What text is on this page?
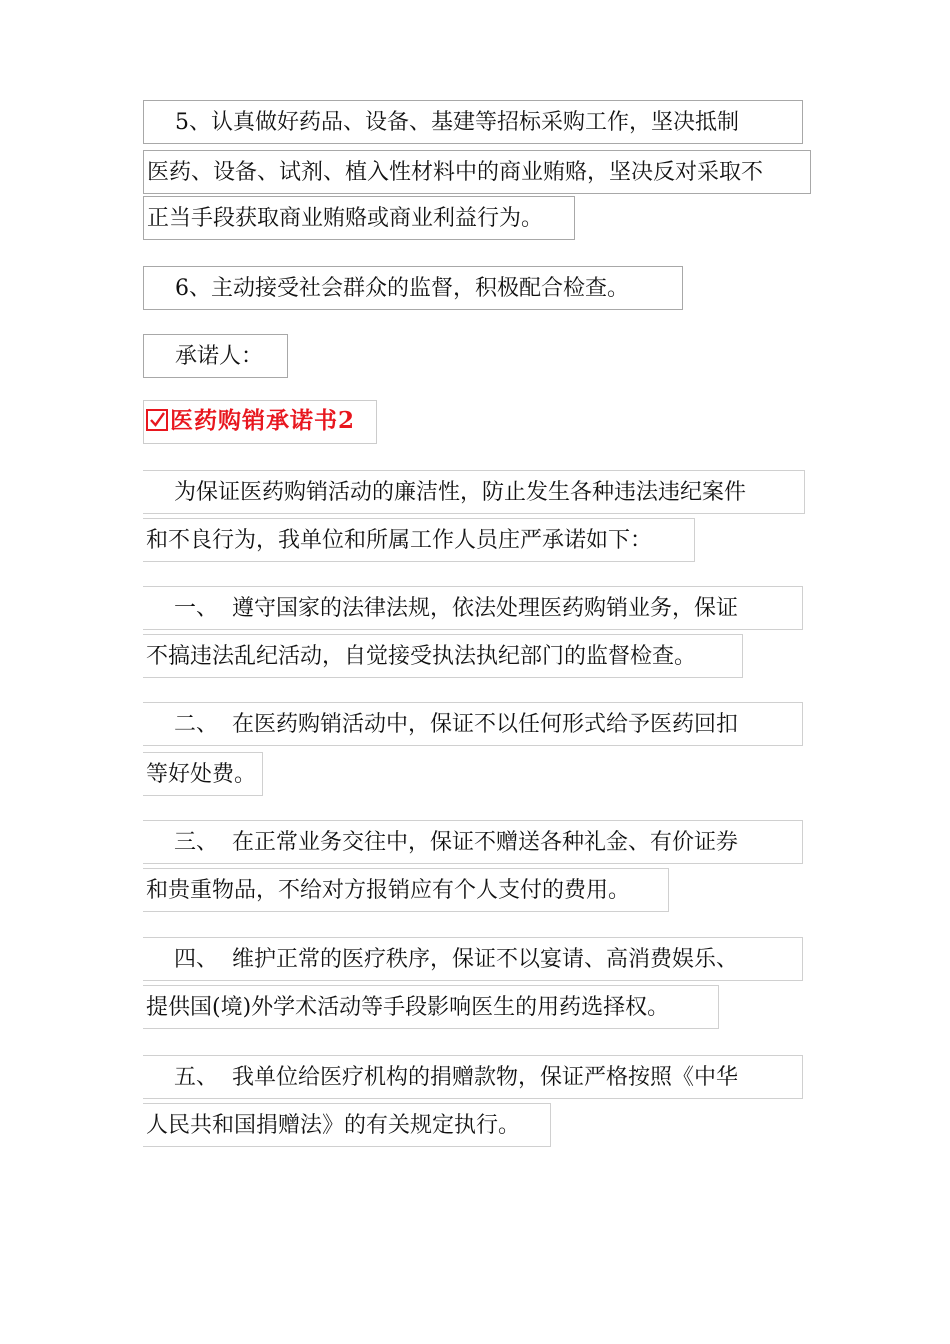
5、认真做好药品、设备、基建等招标采购工作，坚决抵制
医药、设备、试剂、植入性材料中的商业贿赂，坚决反对采取不
正当手段获取商业贿赂或商业利益行为。
6、主动接受社会群众的监督，积极配合检查。
承诺人：
医药购销承诺书2
为保证医药购销活动的廉洁性，防止发生各种违法违纪案件
和不良行为，我单位和所属工作人员庄严承诺如下：
一、  遵守国家的法律法规，依法处理医药购销业务，保证
不搞违法乱纪活动，自觉接受执法执纪部门的监督检查。
二、  在医药购销活动中，保证不以任何形式给予医药回扣
等好处费。
三、  在正常业务交往中，保证不赠送各种礼金、有价证券
和贵重物品，不给对方报销应有个人支付的费用。
四、  维护正常的医疗秩序，保证不以宴请、高消费娱乐、
提供国(境)外学术活动等手段影响医生的用药选择权。
五、  我单位给医疗机构的捐赠款物，保证严格按照《中华
人民共和国捐赠法》的有关规定执行。
